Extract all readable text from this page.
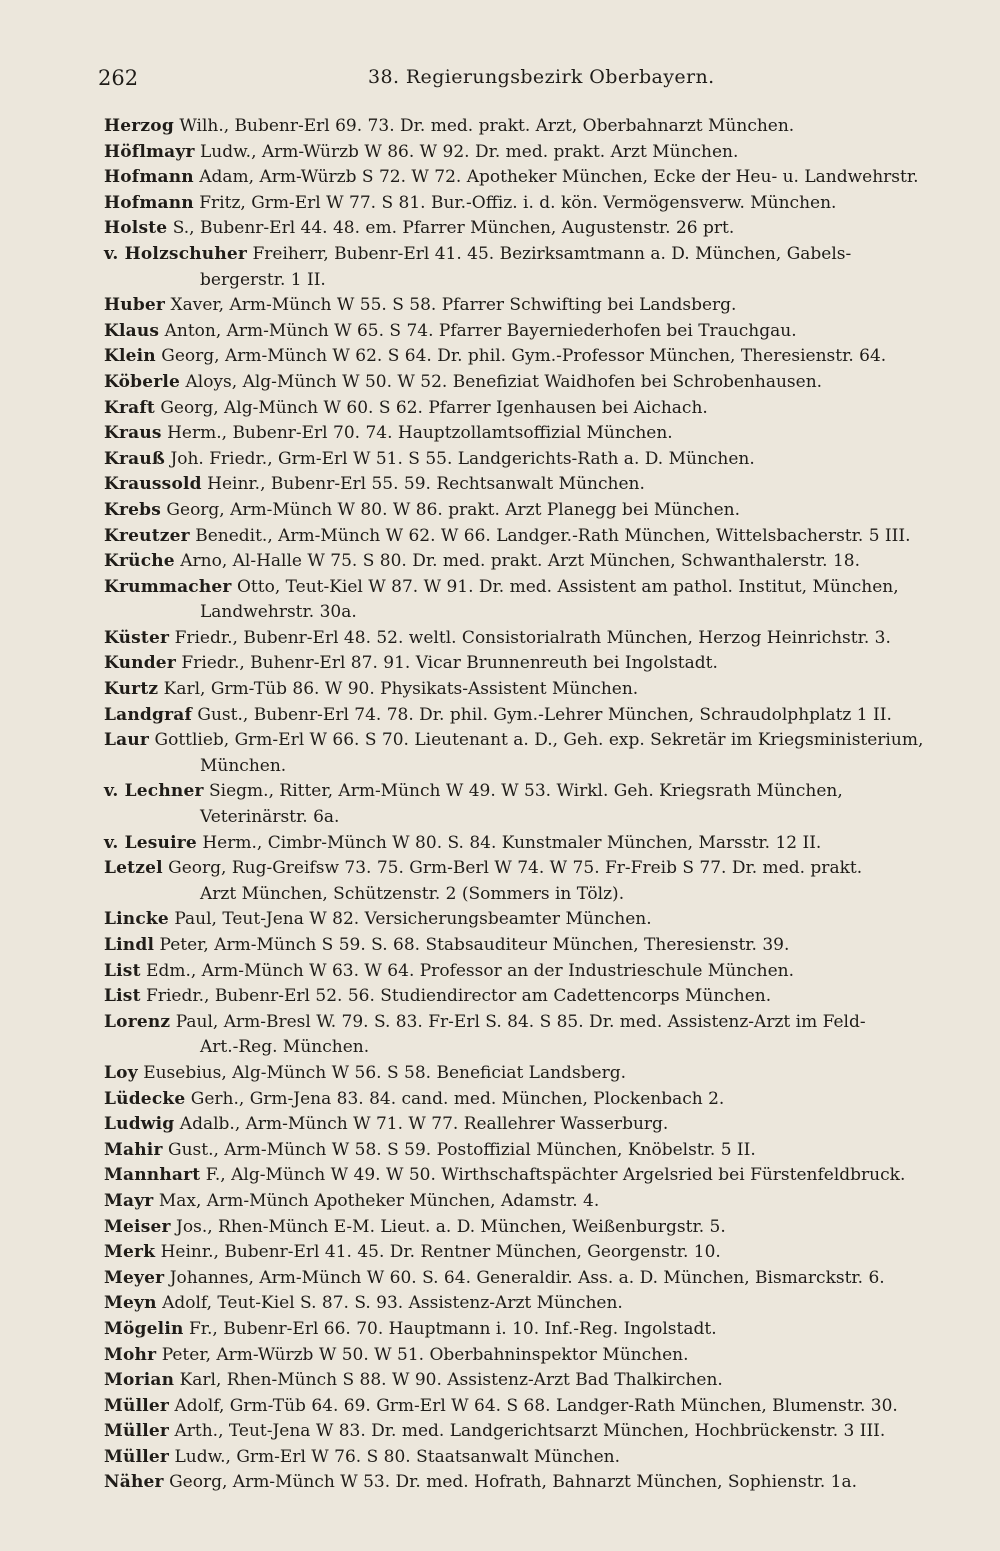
262	38. Regierungsbezirk Oberbayern.
Herzog Wilh., Bubenr-Erl 69. 73. Dr. med. prakt. Arzt, Oberbahnarzt München.
Höflmayr Ludw., Arm-Würzb W 86. W 92. Dr. med. prakt. Arzt München.
Hofmann Adam, Arm-Würzb S 72. W 72. Apotheker München, Ecke der Heu- u. Landwehrstr.
Hofmann Fritz, Grm-Erl W 77. S 81. Bur.-Offiz. i. d. kön. Vermögensverw. München.
Holste S., Bubenr-Erl 44. 48. em. Pfarrer München, Augustenstr. 26 prt.
v. Holzschuher Freiherr, Bubenr-Erl 41. 45. Bezirksamtmann a. D. München, Gabels-
bergerstr. 1 II.
Huber Xaver, Arm-Münch W 55. S 58. Pfarrer Schwifting bei Landsberg.
Klaus Anton, Arm-Münch W 65. S 74. Pfarrer Bayerniederhofen bei Trauchgau.
Klein Georg, Arm-Münch W 62. S 64. Dr. phil. Gym.-Professor München, Theresienstr. 64.
Köberle Aloys, Alg-Münch W 50. W 52. Benefiziat Waidhofen bei Schrobenhausen.
Kraft Georg, Alg-Münch W 60. S 62. Pfarrer Igenhausen bei Aichach.
Kraus Herm., Bubenr-Erl 70. 74. Hauptzollamtsoffizial München.
Krauß Joh. Friedr., Grm-Erl W 51. S 55. Landgerichts-Rath a. D. München.
Kraussold Heinr., Bubenr-Erl 55. 59. Rechtsanwalt München.
Krebs Georg, Arm-Münch W 80. W 86. prakt. Arzt Planegg bei München.
Kreutzer Benedit., Arm-Münch W 62. W 66. Landger.-Rath München, Wittelsbacherstr. 5 III.
Krüche Arno, Al-Halle W 75. S 80. Dr. med. prakt. Arzt München, Schwanthalerstr. 18.
Krummacher Otto, Teut-Kiel W 87. W 91. Dr. med. Assistent am pathol. Institut, München,
Landwehrstr. 30a.
Küster Friedr., Bubenr-Erl 48. 52. weltl. Consistorialrath München, Herzog Heinrichstr. 3.
Kunder Friedr., Buhenr-Erl 87. 91. Vicar Brunnenreuth bei Ingolstadt.
Kurtz Karl, Grm-Tüb 86. W 90. Physikats-Assistent München.
Landgraf Gust., Bubenr-Erl 74. 78. Dr. phil. Gym.-Lehrer München, Schraudolphplatz 1 II.
Laur Gottlieb, Grm-Erl W 66. S 70. Lieutenant a. D., Geh. exp. Sekretär im Kriegsministerium,
München.
v. Lechner Siegm., Ritter, Arm-Münch W 49. W 53. Wirkl. Geh. Kriegsrath München,
Veterinärstr. 6a.
v. Lesuire Herm., Cimbr-Münch W 80. S. 84. Kunstmaler München, Marsstr. 12 II.
Letzel Georg, Rug-Greifsw 73. 75. Grm-Berl W 74. W 75. Fr-Freib S 77. Dr. med. prakt.
Arzt München, Schützenstr. 2 (Sommers in Tölz).
Lincke Paul, Teut-Jena W 82. Versicherungsbeamter München.
Lindl Peter, Arm-Münch S 59. S. 68. Stabsauditeur München, Theresienstr. 39.
List Edm., Arm-Münch W 63. W 64. Professor an der Industrieschule München.
List Friedr., Bubenr-Erl 52. 56. Studiendirector am Cadettencorps München.
Lorenz Paul, Arm-Bresl W. 79. S. 83. Fr-Erl S. 84. S 85. Dr. med. Assistenz-Arzt im Feld-
Art.-Reg. München.
Loy Eusebius, Alg-Münch W 56. S 58. Beneficiat Landsberg.
Lüdecke Gerh., Grm-Jena 83. 84. cand. med. München, Plockenbach 2.
Ludwig Adalb., Arm-Münch W 71. W 77. Reallehrer Wasserburg.
Mahir Gust., Arm-Münch W 58. S 59. Postoffizial München, Knöbelstr. 5 II.
Mannhart F., Alg-Münch W 49. W 50. Wirthschaftspächter Argelsried bei Fürstenfeldbruck.
Mayr Max, Arm-Münch Apotheker München, Adamstr. 4.
Meiser Jos., Rhen-Münch E-M. Lieut. a. D. München, Weißenburgstr. 5.
Merk Heinr., Bubenr-Erl 41. 45. Dr. Rentner München, Georgenstr. 10.
Meyer Johannes, Arm-Münch W 60. S. 64. Generaldir. Ass. a. D. München, Bismarckstr. 6.
Meyn Adolf, Teut-Kiel S. 87. S. 93. Assistenz-Arzt München.
Mögelin Fr., Bubenr-Erl 66. 70. Hauptmann i. 10. Inf.-Reg. Ingolstadt.
Mohr Peter, Arm-Würzb W 50. W 51. Oberbahninspektor München.
Morian Karl, Rhen-Münch S 88. W 90. Assistenz-Arzt Bad Thalkirchen.
Müller Adolf, Grm-Tüb 64. 69. Grm-Erl W 64. S 68. Landger-Rath München, Blumenstr. 30.
Müller Arth., Teut-Jena W 83. Dr. med. Landgerichtsarzt München, Hochbrückenstr. 3 III.
Müller Ludw., Grm-Erl W 76. S 80. Staatsanwalt München.
Näher Georg, Arm-Münch W 53. Dr. med. Hofrath, Bahnarzt München, Sophienstr. 1a.
